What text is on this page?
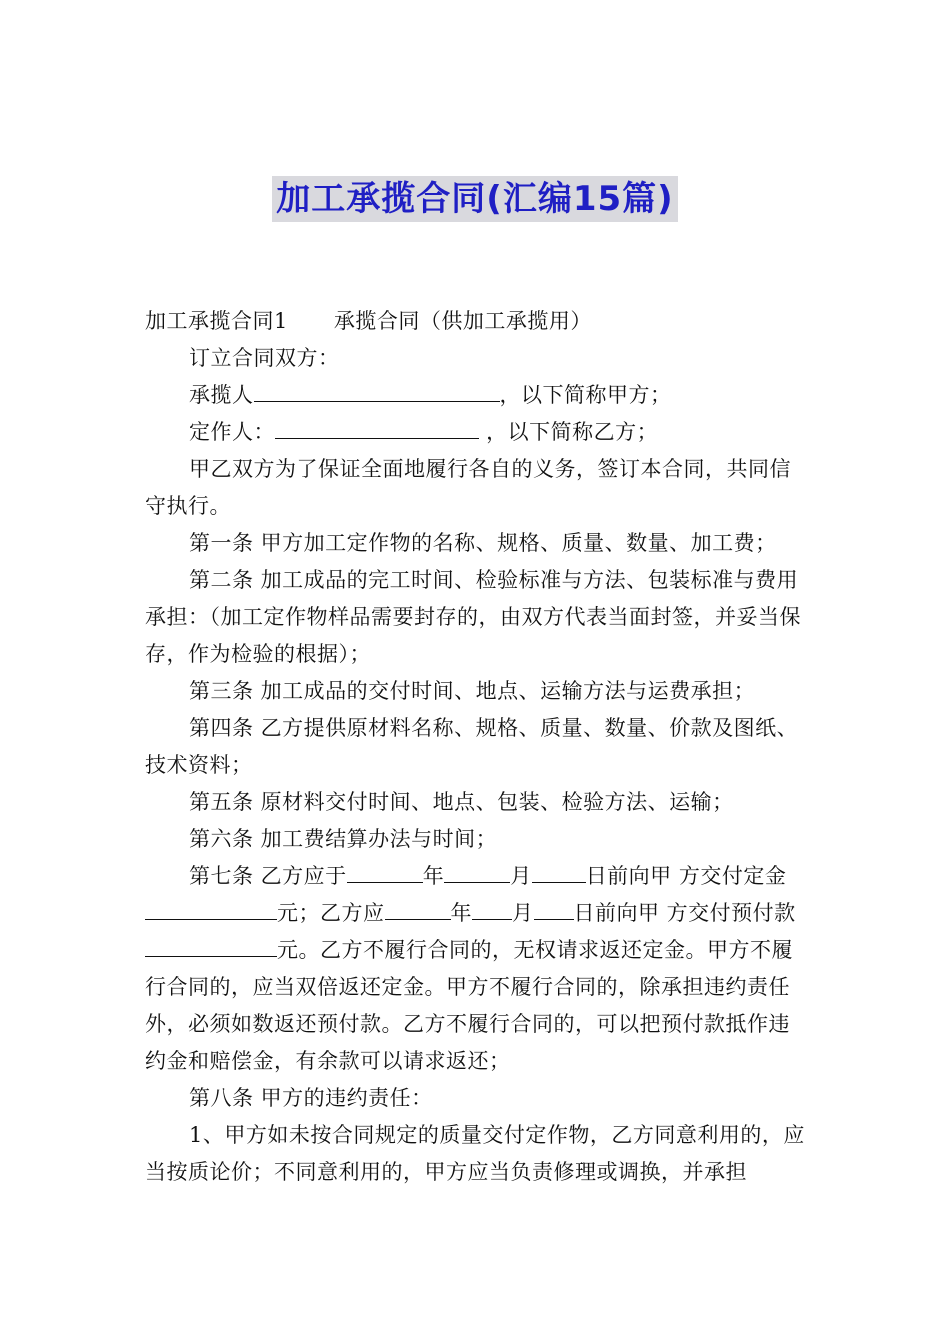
加工承揽合同(汇编15篇)

加工承揽合同1 承揽合同（供加工承揽用）

订立合同双方：

承揽人	，以下简称甲方；

定作人：	，以下简称乙方；

甲乙双方为了保证全面地履行各自的义务，签订本合同，共同信守执行。

第一条 甲方加工定作物的名称、规格、质量、数量、加工费；

第二条 加工成品的完工时间、检验标准与方法、包装标准与费用承担：（加工定作物样品需要封存的，由双方代表当面封签，并妥当保存，作为检验的根据）；

第三条 加工成品的交付时间、地点、运输方法与运费承担；

第四条 乙方提供原材料名称、规格、质量、数量、价款及图纸、技术资料；

第五条 原材料交付时间、地点、包装、检验方法、运输；

第六条 加工费结算办法与时间；

第七条 乙方应于	年	月	日前向甲 方交付定金元；乙方应	年 月 日前向甲 方交付预付款元。乙方不履行合同的，无权请求返还定金。甲方不履行合同的，应当双倍返还定金。甲方不履行合同的，除承担违约责任外，必须如数返还预付款。乙方不履行合同的，可以把预付款抵作违约金和赔偿金，有余款可以请求返还；

第八条 甲方的违约责任：

1、甲方如未按合同规定的质量交付定作物，乙方同意利用的，应当按质论价；不同意利用的，甲方应当负责修理或调换，并承担
